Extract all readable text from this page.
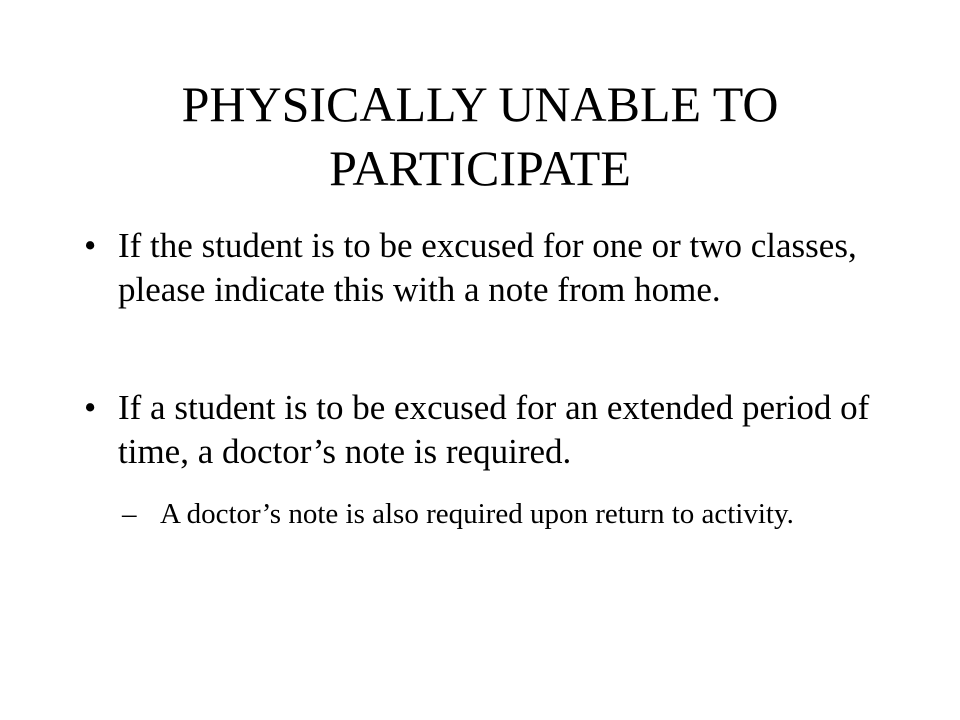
PHYSICALLY UNABLE TO
PARTICIPATE
• If the student is to be excused for one or two classes, please indicate this with a note from home.
• If a student is to be excused for an extended period of time, a doctor’s note is required.
– A doctor’s note is also required upon return to activity.
